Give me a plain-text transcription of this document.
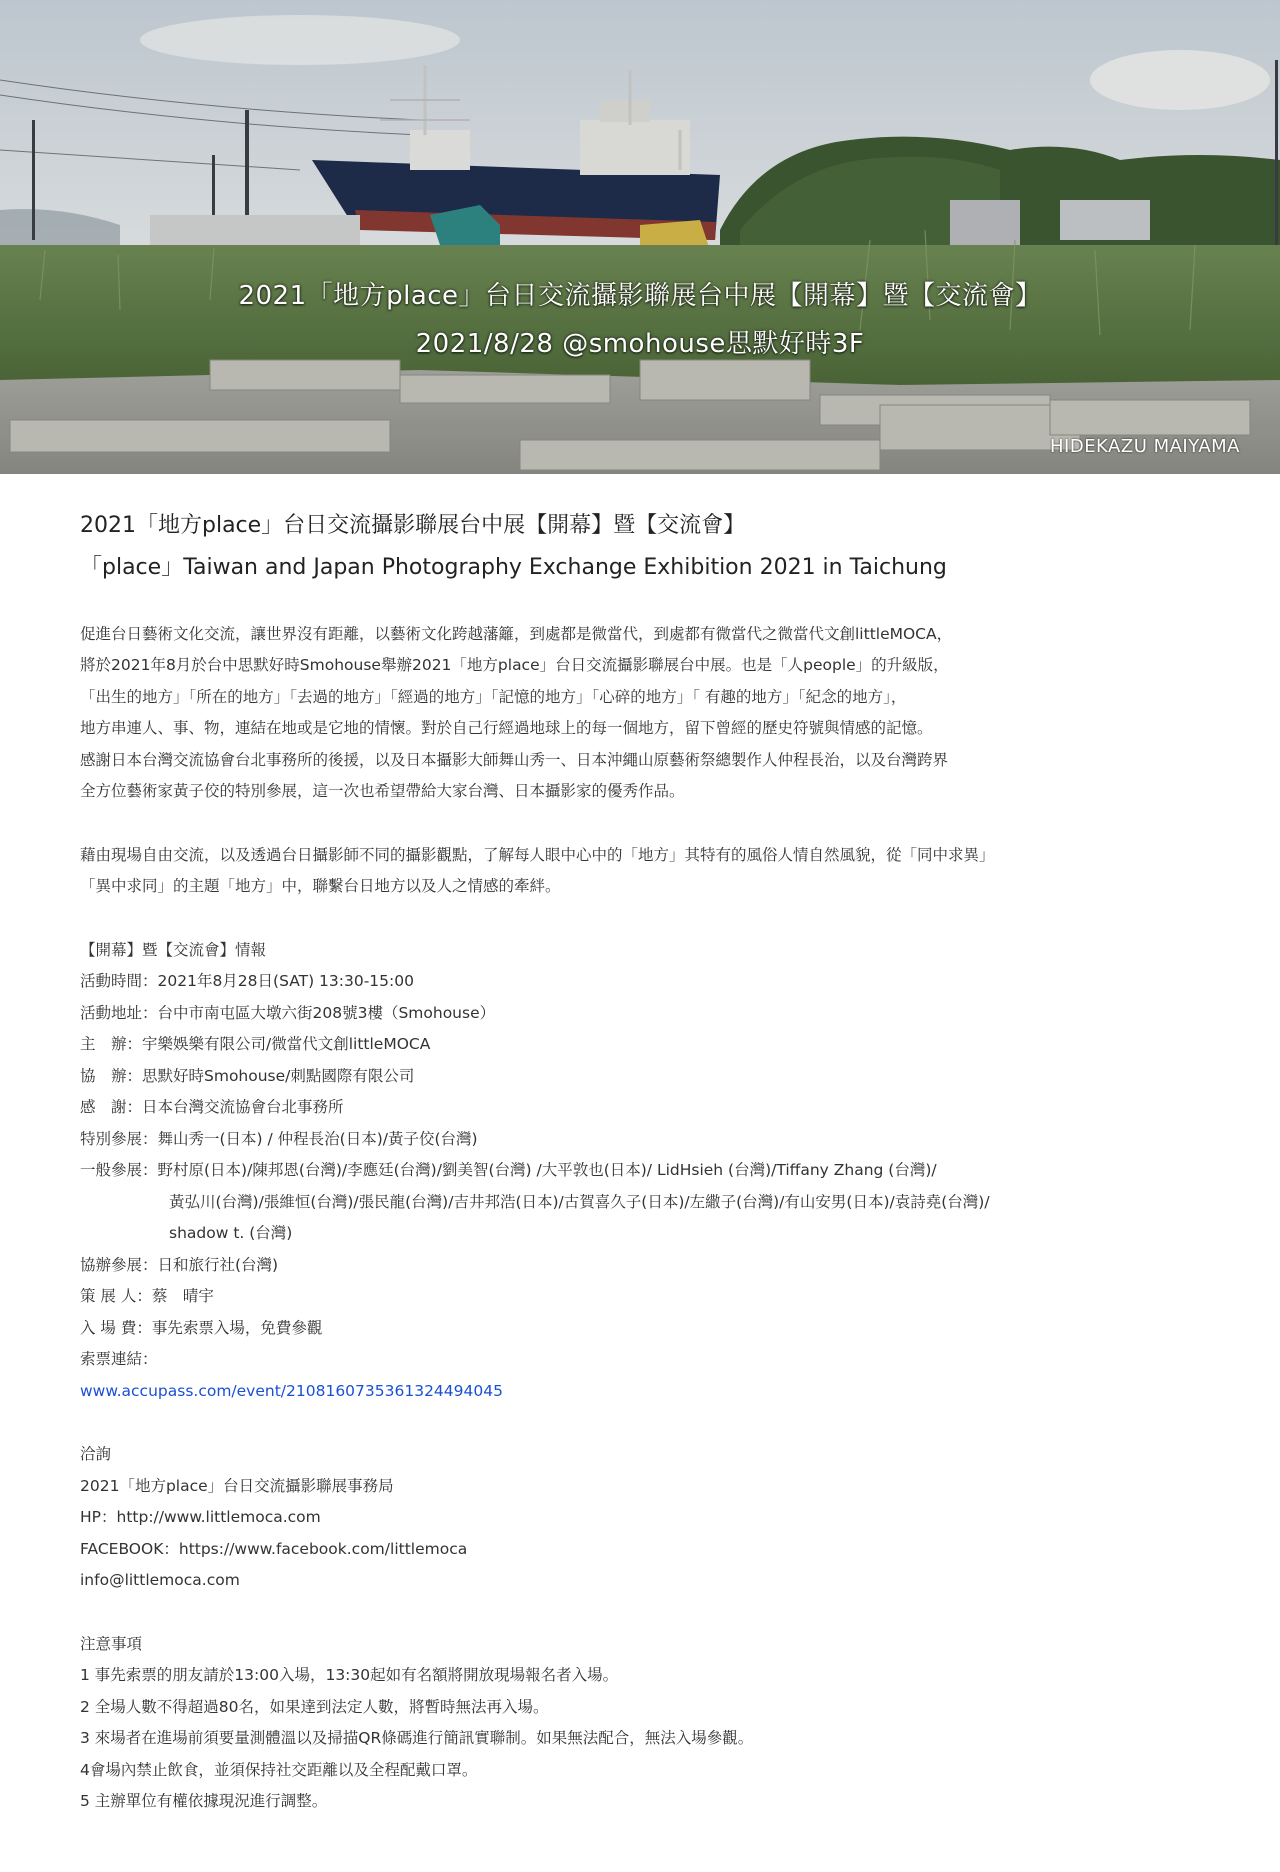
2021「地方place」台日交流攝影聯展台中展【開幕】暨【交流會】
2021/8/28 @smohouse思默好時3F
HIDEKAZU MAIYAMA
2021「地方place」台日交流攝影聯展台中展【開幕】暨【交流會】
「place」Taiwan and Japan Photography Exchange Exhibition 2021 in Taichung
促進台日藝術文化交流，讓世界沒有距離，以藝術文化跨越藩籬，到處都是微當代，到處都有微當代之微當代文創littleMOCA，
將於2021年8月於台中思默好時Smohouse舉辦2021「地方place」台日交流攝影聯展台中展。也是「人people」的升級版，
「出生的地方」「所在的地方」「去過的地方」「經過的地方」「記憶的地方」「心碎的地方」「 有趣的地方」「紀念的地方」，
地方串連人、事、物，連結在地或是它地的情懷。對於自己行經過地球上的每一個地方，留下曾經的歷史符號與情感的記憶。
感謝日本台灣交流協會台北事務所的後援，以及日本攝影大師舞山秀一、日本沖繩山原藝術祭總製作人仲程長治，以及台灣跨界
全方位藝術家黃子佼的特別參展，這一次也希望帶給大家台灣、日本攝影家的優秀作品。
藉由現場自由交流，以及透過台日攝影師不同的攝影觀點，了解每人眼中心中的「地方」其特有的風俗人情自然風貌，從「同中求異」
「異中求同」的主題「地方」中，聯繫台日地方以及人之情感的牽絆。
【開幕】暨【交流會】情報
活動時間：2021年8月28日(SAT) 13:30-15:00
活動地址：台中市南屯區大墩六街208號3樓（Smohouse）
主　辦：宇樂娛樂有限公司/微當代文創littleMOCA
協　辦：思默好時Smohouse/刺點國際有限公司
感　謝：日本台灣交流協會台北事務所
特別參展：舞山秀一(日本) / 仲程長治(日本)/黃子佼(台灣)
一般參展：野村原(日本)/陳邦恩(台灣)/李應廷(台灣)/劉美智(台灣) /大平敦也(日本)/ LidHsieh (台灣)/Tiffany Zhang (台灣)/
黃弘川(台灣)/張維恒(台灣)/張民龍(台灣)/吉井邦浩(日本)/古賀喜久子(日本)/左繖子(台灣)/有山安男(日本)/袁詩堯(台灣)/
shadow t. (台灣)
協辦參展：日和旅行社(台灣)
策 展 人：蔡　晴宇
入 場 費：事先索票入場，免費參觀
索票連結：
www.accupass.com/event/2108160735361324494045
洽詢
2021「地方place」台日交流攝影聯展事務局
HP：http://www.littlemoca.com
FACEBOOK：https://www.facebook.com/littlemoca
info@littlemoca.com
注意事項
1 事先索票的朋友請於13:00入場，13:30起如有名額將開放現場報名者入場。
2 全場人數不得超過80名，如果達到法定人數，將暫時無法再入場。
3 來場者在進場前須要量測體溫以及掃描QR條碼進行簡訊實聯制。如果無法配合，無法入場參觀。
4會場內禁止飲食，並須保持社交距離以及全程配戴口罩。
5 主辦單位有權依據現況進行調整。
